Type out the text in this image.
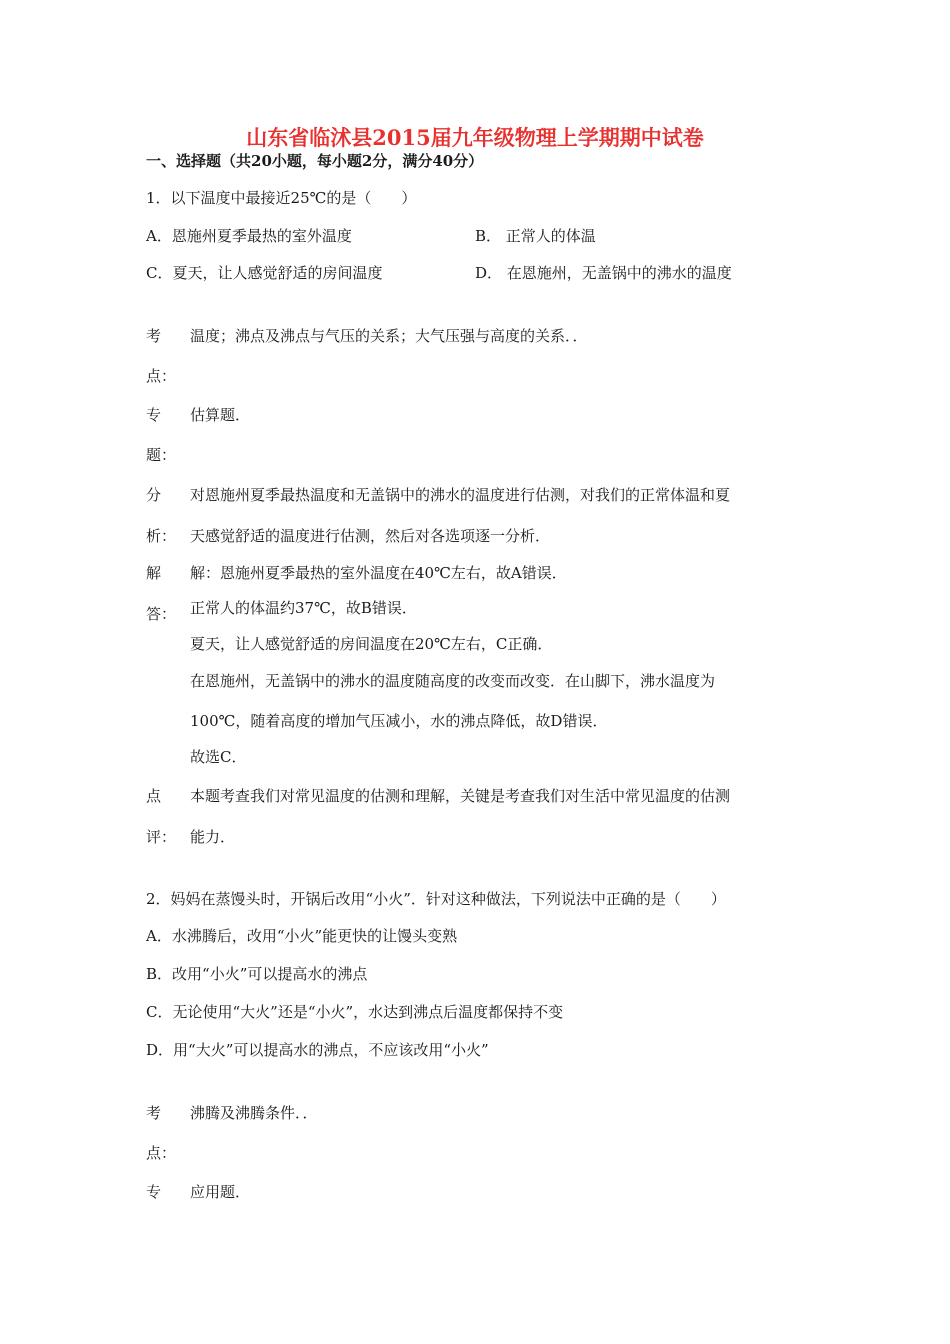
山东省临沭县2015届九年级物理上学期期中试卷
一、选择题（共20小题，每小题2分，满分40分）
1．以下温度中最接近25℃的是（　　）
A．恩施州夏季最热的室外温度	B． 正常人的体温
C．夏天，让人感觉舒适的房间温度	D． 在恩施州，无盖锅中的沸水的温度
考 温度；沸点及沸点与气压的关系；大气压强与高度的关系．．
点：
专 估算题．
题：
分 对恩施州夏季最热温度和无盖锅中的沸水的温度进行估测，对我们的正常体温和夏
析： 天感觉舒适的温度进行估测，然后对各选项逐一分析．
解 解：恩施州夏季最热的室外温度在40℃左右，故A错误．
答： 正常人的体温约37℃，故B错误．
夏天，让人感觉舒适的房间温度在20℃左右，C正确．
在恩施州，无盖锅中的沸水的温度随高度的改变而改变．在山脚下，沸水温度为
100℃，随着高度的增加气压减小，水的沸点降低，故D错误．
故选C．
点 本题考查我们对常见温度的估测和理解，关键是考查我们对生活中常见温度的估测
评： 能力．
2．妈妈在蒸馒头时，开锅后改用“小火”．针对这种做法，下列说法中正确的是（　　）
A．水沸腾后，改用“小火”能更快的让馒头变熟
B．改用“小火”可以提高水的沸点
C．无论使用“大火”还是“小火”，水达到沸点后温度都保持不变
D．用“大火”可以提高水的沸点，不应该改用“小火”
考 沸腾及沸腾条件．．
点：
专 应用题．
